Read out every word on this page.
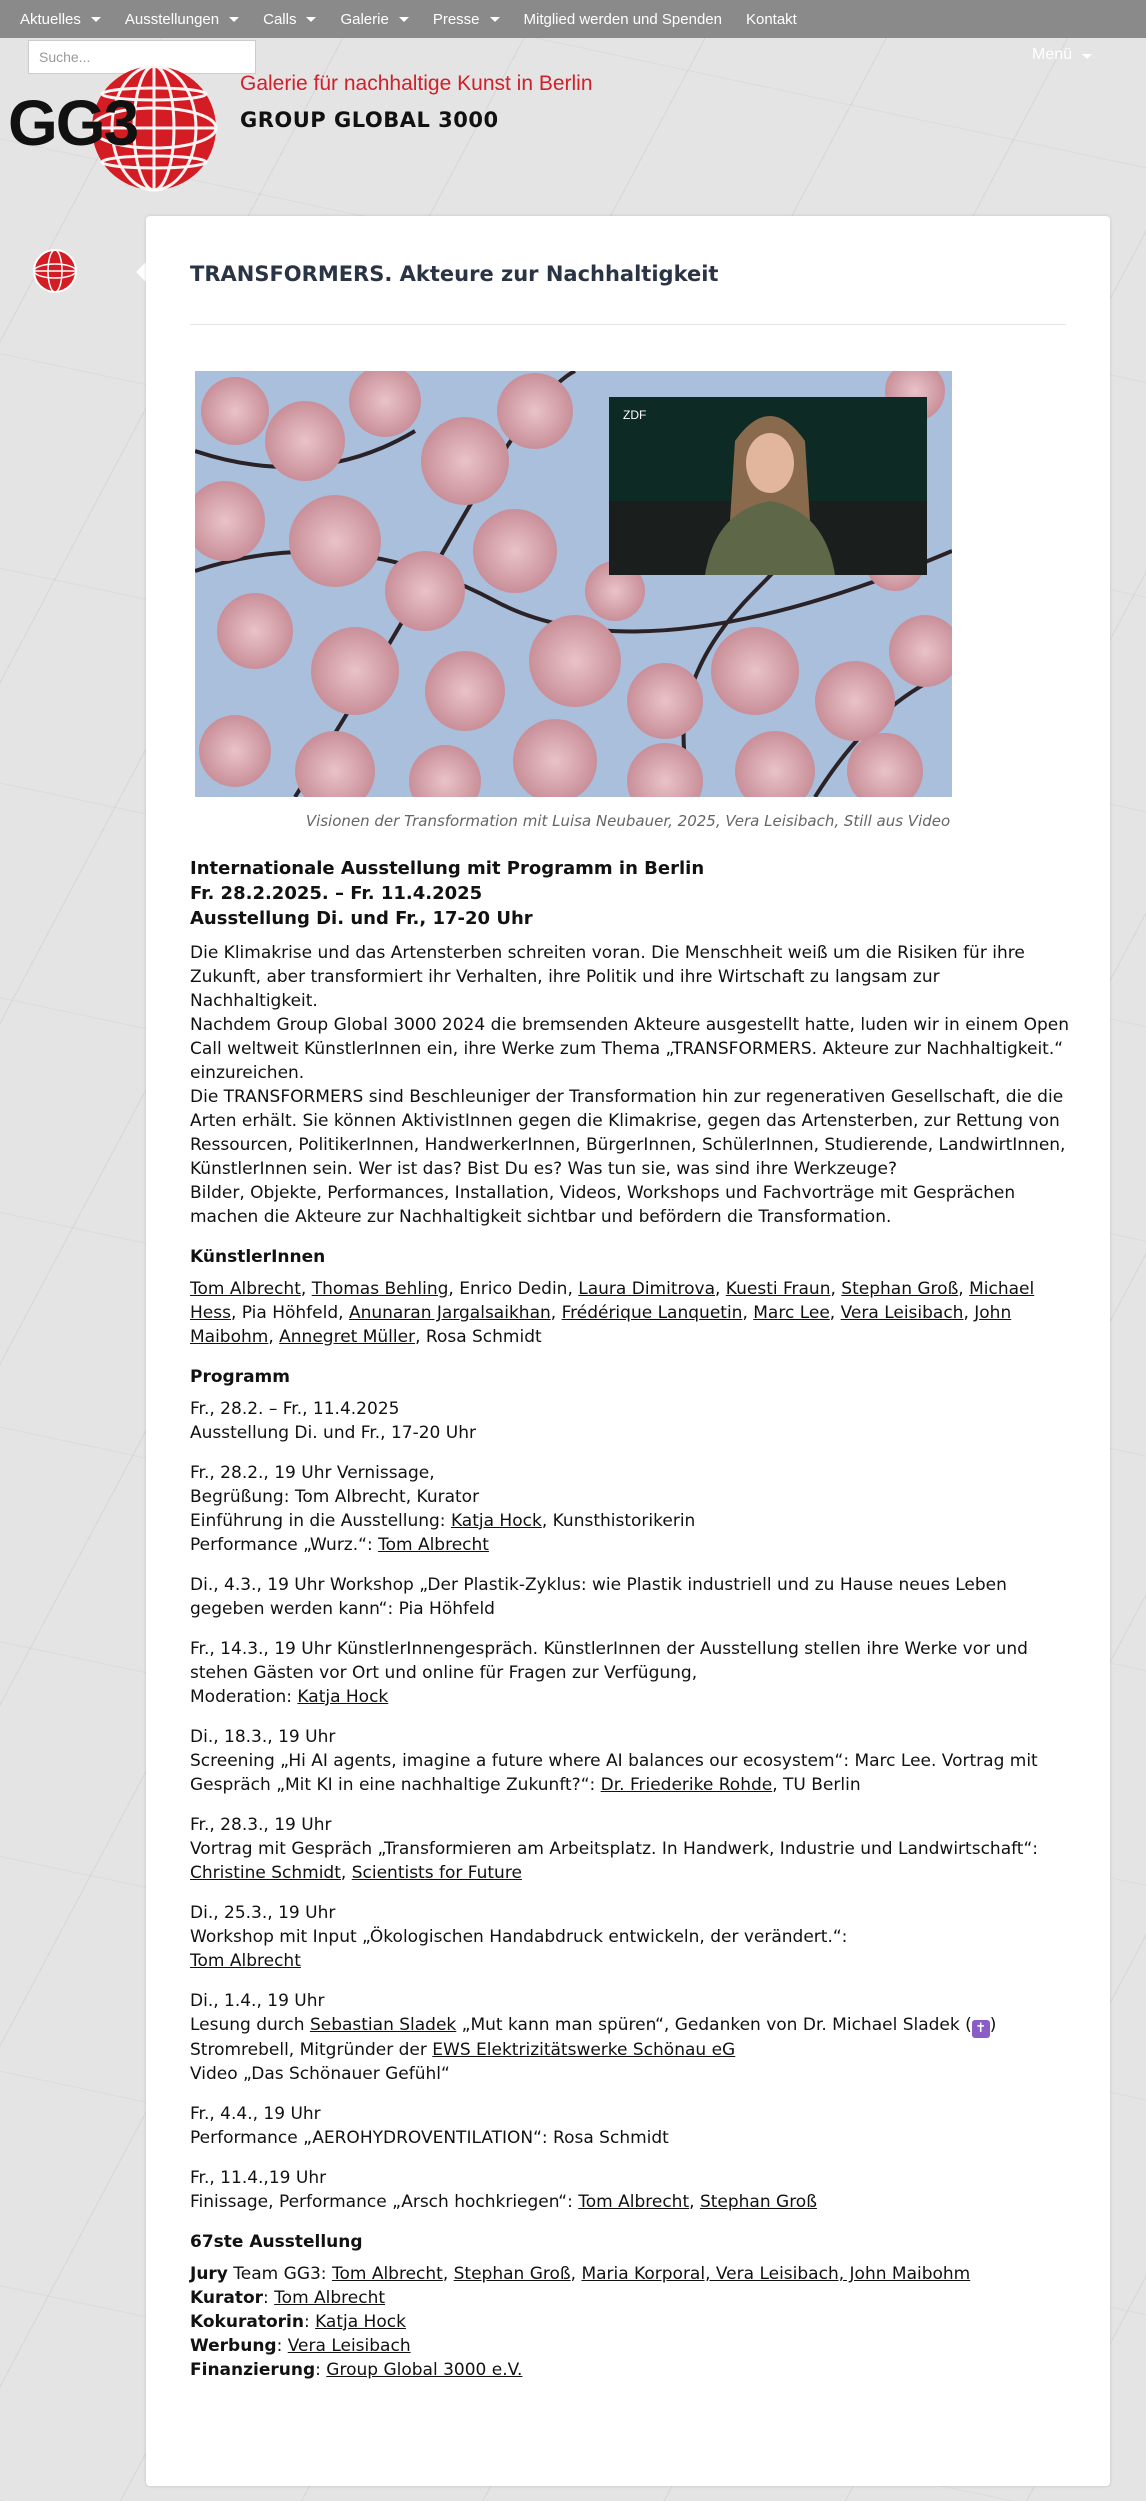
Aktuelles	Ausstellungen	Calls	Galerie	Presse	Mitglied werden und Spenden Kontakt
Suche...
Menü
GG3
Galerie für nachhaltige Kunst in Berlin
GROUP GLOBAL 3000
TRANSFORMERS. Akteure zur Nachhaltigkeit
ZDF
Visionen der Transformation mit Luisa Neubauer, 2025, Vera Leisibach, Still aus Video

Internationale Ausstellung mit Programm in Berlin

Fr. 28.2.2025. – Fr. 11.4.2025

Ausstellung Di. und Fr., 17-20 Uhr

Die Klimakrise und das Artensterben schreiten voran. Die Menschheit weiß um die Risiken für ihre Zukunft, aber transformiert ihr Verhalten, ihre Politik und ihre Wirtschaft zu langsam zur Nachhaltigkeit.

Nachdem Group Global 3000 2024 die bremsenden Akteure ausgestellt hatte, luden wir in einem Open Call weltweit KünstlerInnen ein, ihre Werke zum Thema „TRANSFORMERS. Akteure zur Nachhaltigkeit.“ einzureichen.

Die TRANSFORMERS sind Beschleuniger der Transformation hin zur regenerativen Gesellschaft, die die Arten erhält. Sie können AktivistInnen gegen die Klimakrise, gegen das Artensterben, zur Rettung von Ressourcen, PolitikerInnen, HandwerkerInnen, BürgerInnen, SchülerInnen, Studierende, LandwirtInnen, KünstlerInnen sein. Wer ist das? Bist Du es? Was tun sie, was sind ihre Werkzeuge?

Bilder, Objekte, Performances, Installation, Videos, Workshops und Fachvorträge mit Gesprächen machen die Akteure zur Nachhaltigkeit sichtbar und befördern die Transformation.

KünstlerInnen

Tom Albrecht, Thomas Behling, Enrico Dedin, Laura Dimitrova, Kuesti Fraun, Stephan Groß, Michael Hess, Pia Höhfeld, Anunaran Jargalsaikhan, Frédérique Lanquetin, Marc Lee, Vera Leisibach, John Maibohm, Annegret Müller, Rosa Schmidt

Programm

Fr., 28.2. – Fr., 11.4.2025
Ausstellung Di. und Fr., 17-20 Uhr

Fr., 28.2., 19 Uhr Vernissage,
Begrüßung: Tom Albrecht, Kurator
Einführung in die Ausstellung: Katja Hock, Kunsthistorikerin
Performance „Wurz.“: Tom Albrecht

Di., 4.3., 19 Uhr Workshop „Der Plastik-Zyklus: wie Plastik industriell und zu Hause neues Leben gegeben werden kann“: Pia Höhfeld

Fr., 14.3., 19 Uhr KünstlerInnengespräch. KünstlerInnen der Ausstellung stellen ihre Werke vor und stehen Gästen vor Ort und online für Fragen zur Verfügung,
Moderation: Katja Hock

Di., 18.3., 19 Uhr
Screening „Hi AI agents, imagine a future where AI balances our ecosystem“: Marc Lee. Vortrag mit Gespräch „Mit KI in eine nachhaltige Zukunft?“: Dr. Friederike Rohde, TU Berlin

Fr., 28.3., 19 Uhr
Vortrag mit Gespräch „Transformieren am Arbeitsplatz. In Handwerk, Industrie und Landwirtschaft“: Christine Schmidt, Scientists for Future

Di., 25.3., 19 Uhr
Workshop mit Input „Ökologischen Handabdruck entwickeln, der verändert.“:
Tom Albrecht

Di., 1.4., 19 Uhr
Lesung durch Sebastian Sladek „Mut kann man spüren“, Gedanken von Dr. Michael Sladek ( ✝ )
Stromrebell, Mitgründer der EWS Elektrizitätswerke Schönau eG
Video „Das Schönauer Gefühl“

Fr., 4.4., 19 Uhr
Performance „AEROHYDROVENTILATION“: Rosa Schmidt

Fr., 11.4.,19 Uhr
Finissage, Performance „Arsch hochkriegen“: Tom Albrecht, Stephan Groß

67ste Ausstellung

Jury Team GG3: Tom Albrecht, Stephan Groß, Maria Korporal, Vera Leisibach, John Maibohm
Kurator: Tom Albrecht
Kokuratorin: Katja Hock
Werbung: Vera Leisibach
Finanzierung: Group Global 3000 e.V.
